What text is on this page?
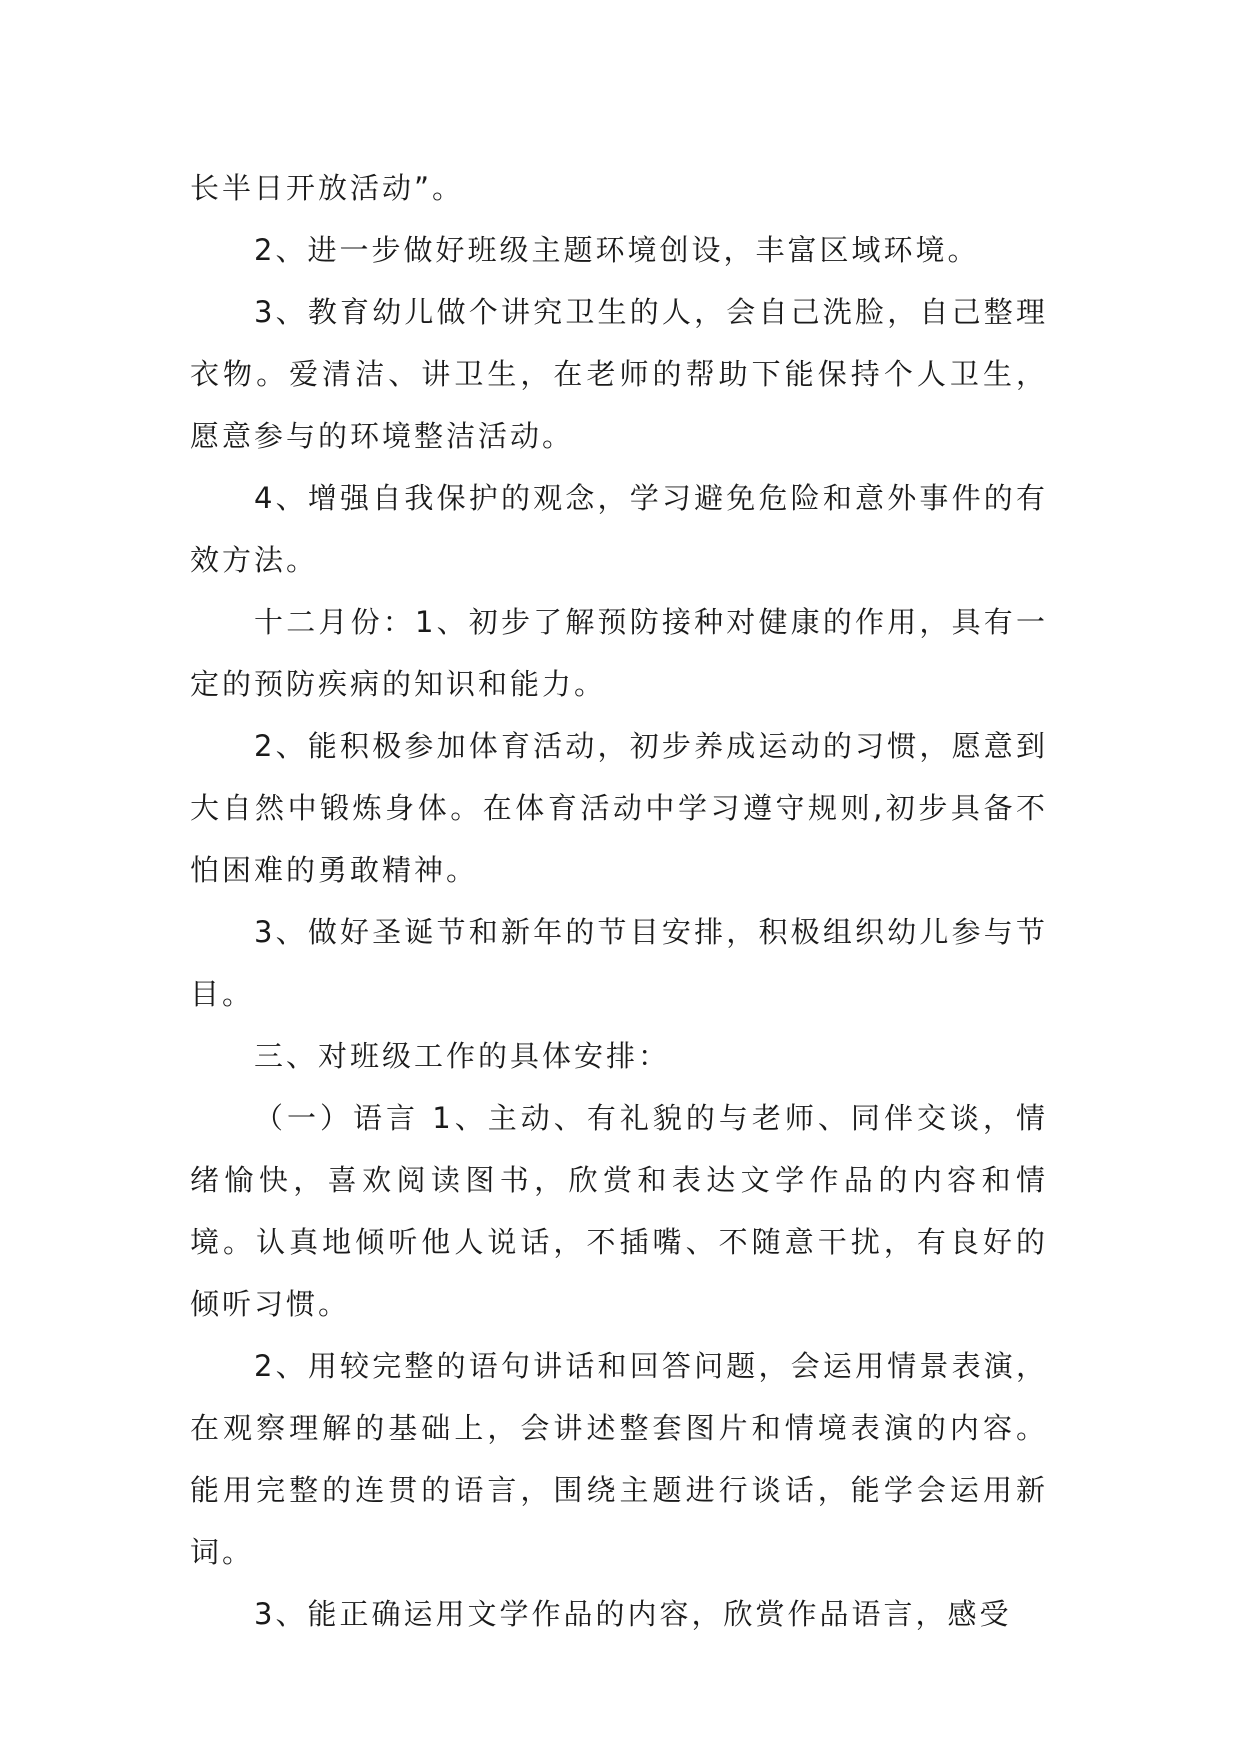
长半日开放活动”。

2、进一步做好班级主题环境创设，丰富区域环境。

3、教育幼儿做个讲究卫生的人，会自己洗脸，自己整理衣物。爱清洁、讲卫生，在老师的帮助下能保持个人卫生，愿意参与的环境整洁活动。

4、增强自我保护的观念，学习避免危险和意外事件的有效方法。

十二月份：1、初步了解预防接种对健康的作用，具有一定的预防疾病的知识和能力。

2、能积极参加体育活动，初步养成运动的习惯，愿意到大自然中锻炼身体。在体育活动中学习遵守规则,初步具备不怕困难的勇敢精神。

3、做好圣诞节和新年的节目安排，积极组织幼儿参与节目。

三、对班级工作的具体安排：

（一）语言 1、主动、有礼貌的与老师、同伴交谈，情绪愉快，喜欢阅读图书，欣赏和表达文学作品的内容和情境。认真地倾听他人说话，不插嘴、不随意干扰，有良好的倾听习惯。

2、用较完整的语句讲话和回答问题，会运用情景表演，在观察理解的基础上，会讲述整套图片和情境表演的内容。能用完整的连贯的语言，围绕主题进行谈话，能学会运用新词。

3、能正确运用文学作品的内容，欣赏作品语言，感受
